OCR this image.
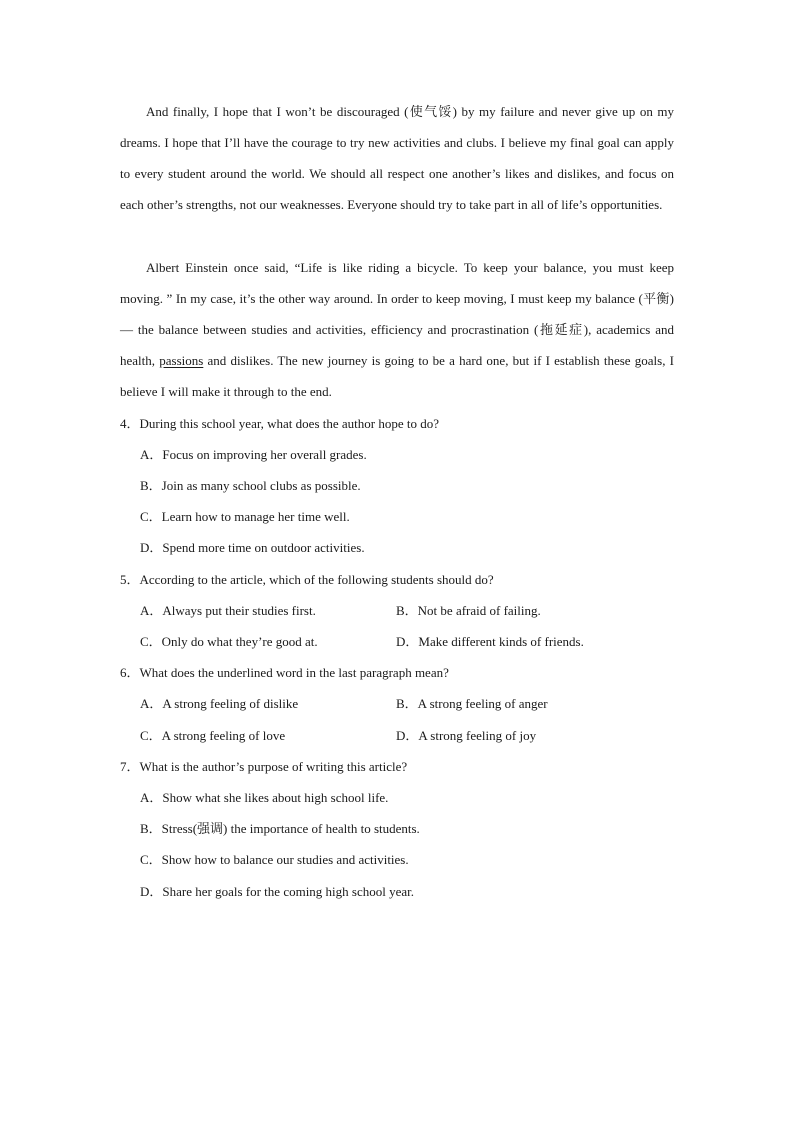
And finally, I hope that I won’t be discouraged (使气馁) by my failure and never give up on my dreams. I hope that I’ll have the courage to try new activities and clubs. I believe my final goal can apply to every student around the world. We should all respect one another’s likes and dislikes, and focus on each other’s strengths, not our weaknesses. Everyone should try to take part in all of life’s opportunities.
Albert Einstein once said, “Life is like riding a bicycle. To keep your balance, you must keep moving. ” In my case, it’s the other way around. In order to keep moving, I must keep my balance (平衡)— the balance between studies and activities, efficiency and procrastination (拖延症), academics and health, passions and dislikes. The new journey is going to be a hard one, but if I establish these goals, I believe I will make it through to the end.
4．During this school year, what does the author hope to do?
A．Focus on improving her overall grades.
B．Join as many school clubs as possible.
C．Learn how to manage her time well.
D．Spend more time on outdoor activities.
5．According to the article, which of the following students should do?
A．Always put their studies first.	B．Not be afraid of failing.
C．Only do what they’re good at.	D．Make different kinds of friends.
6．What does the underlined word in the last paragraph mean?
A．A strong feeling of dislike	B．A strong feeling of anger
C．A strong feeling of love	D．A strong feeling of joy
7．What is the author’s purpose of writing this article?
A．Show what she likes about high school life.
B．Stress(强调) the importance of health to students.
C．Show how to balance our studies and activities.
D．Share her goals for the coming high school year.
